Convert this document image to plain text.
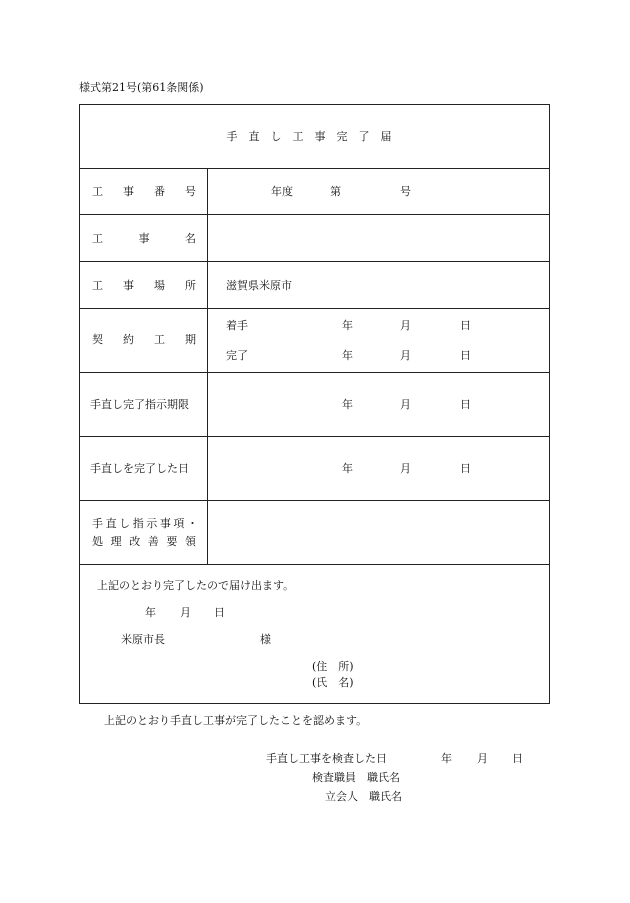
様式第21号(第61条関係)
手直し工事完了届
工 事 番 号	年度	第	号
工	事	名
工 事 場 所	滋賀県米原市
契 約 工 期
着手	年	月	日
完了	年	月	日
手直し完了指示期限	年	月	日
手直しを完了した日	年	月	日
手 直 し 指 示 事 項 ・
処 理 改 善 要 領
上記のとおり完了したので届け出ます。
年 月 日
米原市長	様
(住　所)
(氏　名)
上記のとおり手直し工事が完了したことを認めます。
手直し工事を検査した日	年 月 日
検査職員　職氏名
立会人　職氏名
